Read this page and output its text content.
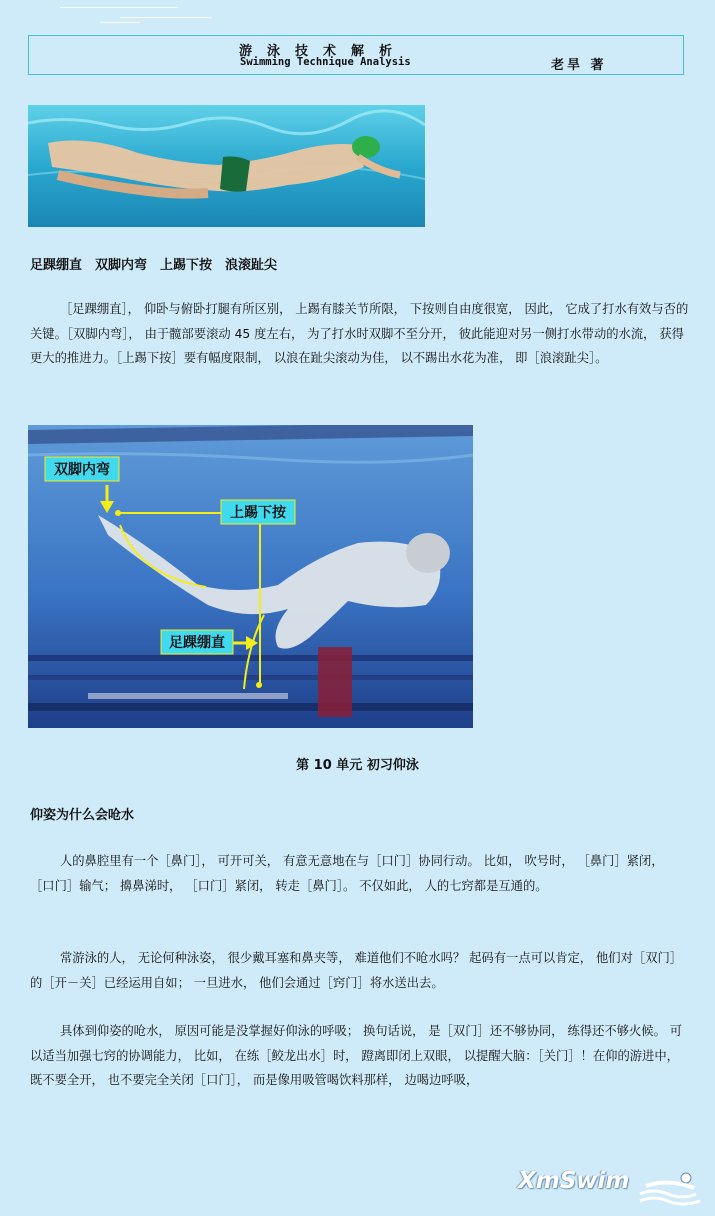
游泳技术解析
Swimming Technique Analysis	老旱 著
足踝绷直　双脚内弯　上踢下按　浪滚趾尖

［足踝绷直］， 仰卧与俯卧打腿有所区别， 上踢有膝关节所限， 下按则自由度很宽， 因此， 它成了打水有效与否的关键。［双脚内弯］， 由于髋部要滚动 45 度左右， 为了打水时双脚不至分开， 彼此能迎对另一侧打水带动的水流， 获得更大的推进力。［上踢下按］要有幅度限制， 以浪在趾尖滚动为佳， 以不踢出水花为准， 即［浪滚趾尖］。

双脚内弯
上踢下按
足踝绷直
第 10 单元 初习仰泳
仰姿为什么会呛水

人的鼻腔里有一个［鼻门］， 可开可关， 有意无意地在与［口门］协同行动。 比如， 吹号时， ［鼻门］紧闭， ［口门］输气； 擤鼻涕时， ［口门］紧闭， 转走［鼻门］。 不仅如此， 人的七窍都是互通的。

常游泳的人， 无论何种泳姿， 很少戴耳塞和鼻夹等， 难道他们不呛水吗？ 起码有一点可以肯定， 他们对［双门］的［开－关］已经运用自如； 一旦进水， 他们会通过［窍门］将水送出去。

具体到仰姿的呛水， 原因可能是没掌握好仰泳的呼吸； 换句话说， 是［双门］还不够协同， 练得还不够火候。 可以适当加强七窍的协调能力， 比如， 在练［鲛龙出水］时， 蹬离即闭上双眼， 以提醒大脑：［关门］！在仰的游进中， 既不要全开， 也不要完全关闭［口门］， 而是像用吸管喝饮料那样， 边喝边呼吸，

XmSwim
